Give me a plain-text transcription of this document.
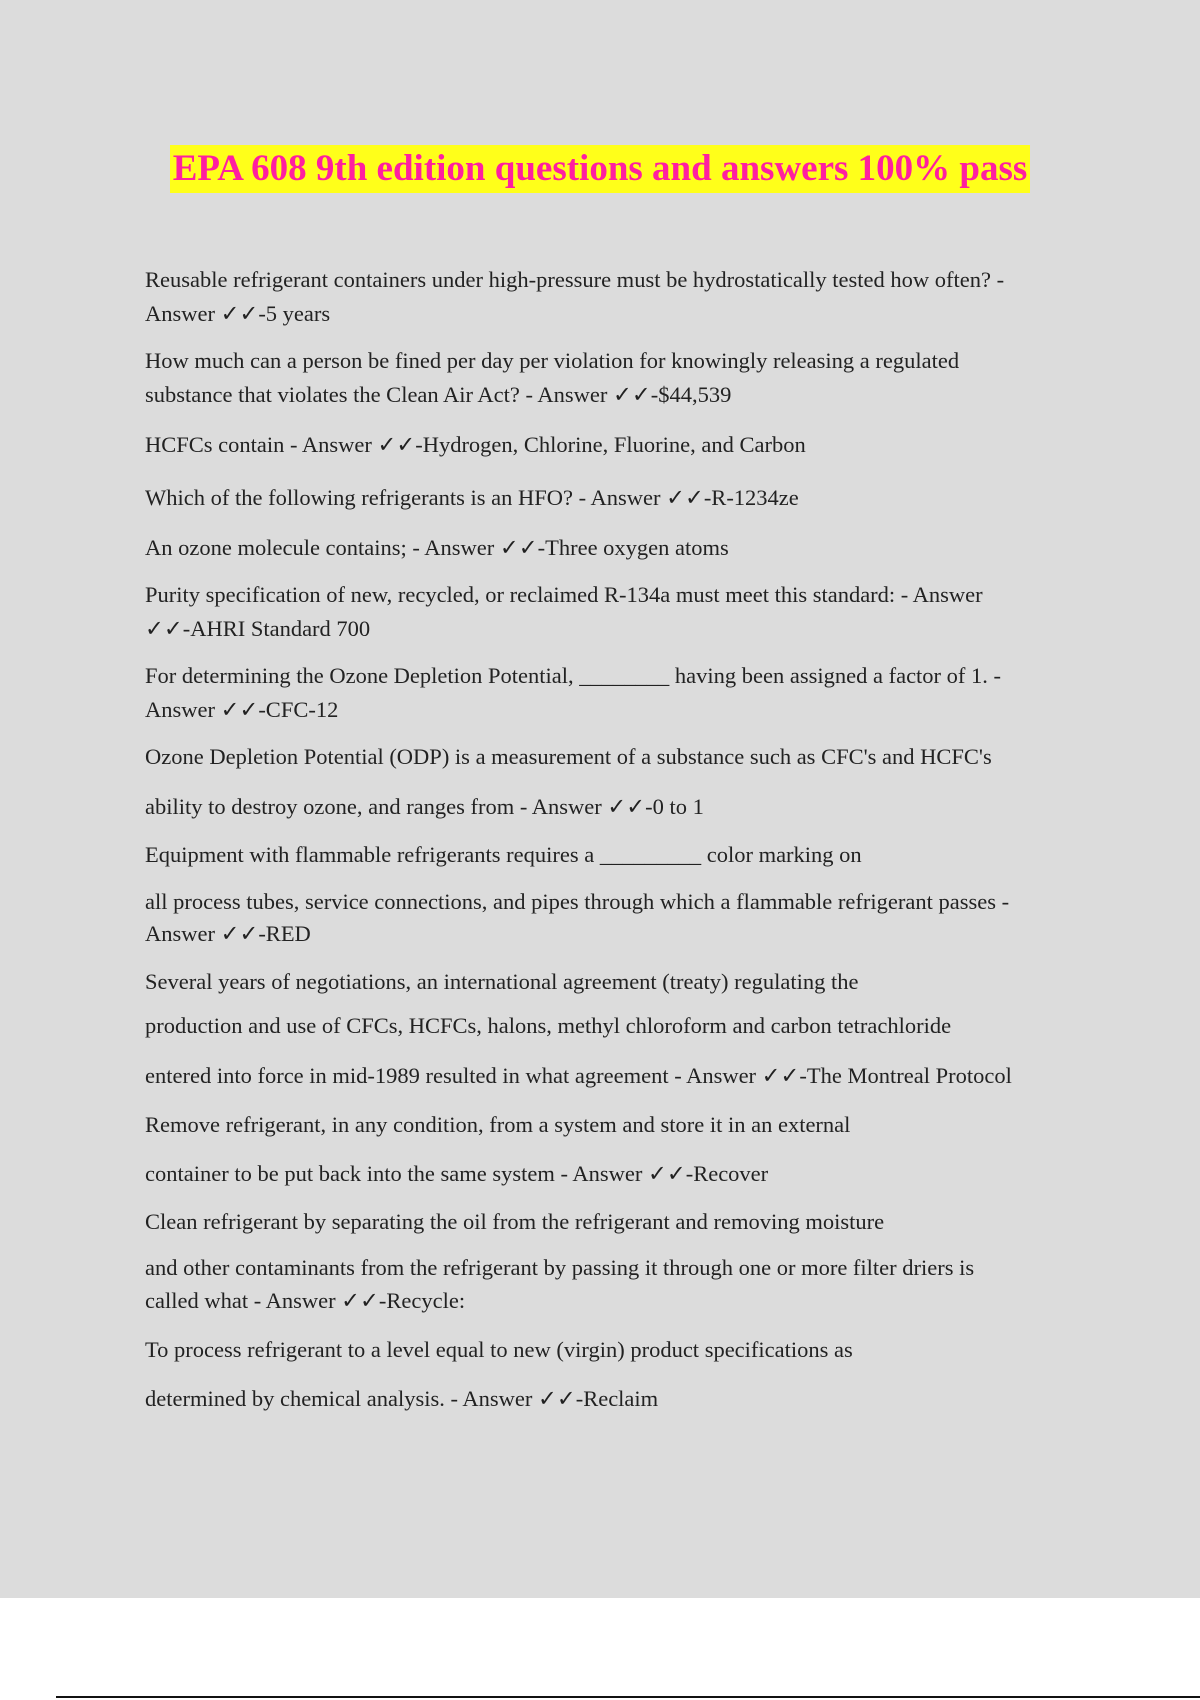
EPA 608 9th edition questions and answers 100% pass

Reusable refrigerant containers under high-pressure must be hydrostatically tested how often? -

Answer ✓✓-5 years

How much can a person be fined per day per violation for knowingly releasing a regulated

substance that violates the Clean Air Act? - Answer ✓✓-$44,539

HCFCs contain - Answer ✓✓-Hydrogen, Chlorine, Fluorine, and Carbon

Which of the following refrigerants is an HFO? - Answer ✓✓-R-1234ze

An ozone molecule contains; - Answer ✓✓-Three oxygen atoms

Purity specification of new, recycled, or reclaimed R-134a must meet this standard: - Answer

✓✓-AHRI Standard 700

For determining the Ozone Depletion Potential, ________ having been assigned a factor of 1. -

Answer ✓✓-CFC-12

Ozone Depletion Potential (ODP) is a measurement of a substance such as CFC's and HCFC's

ability to destroy ozone, and ranges from - Answer ✓✓-0 to 1

Equipment with flammable refrigerants requires a _________ color marking on

all process tubes, service connections, and pipes through which a flammable refrigerant passes -

Answer ✓✓-RED

Several years of negotiations, an international agreement (treaty) regulating the

production and use of CFCs, HCFCs, halons, methyl chloroform and carbon tetrachloride

entered into force in mid-1989 resulted in what agreement - Answer ✓✓-The Montreal Protocol

Remove refrigerant, in any condition, from a system and store it in an external

container to be put back into the same system - Answer ✓✓-Recover

Clean refrigerant by separating the oil from the refrigerant and removing moisture

and other contaminants from the refrigerant by passing it through one or more filter driers is

called what - Answer ✓✓-Recycle:

To process refrigerant to a level equal to new (virgin) product specifications as

determined by chemical analysis. - Answer ✓✓-Reclaim
